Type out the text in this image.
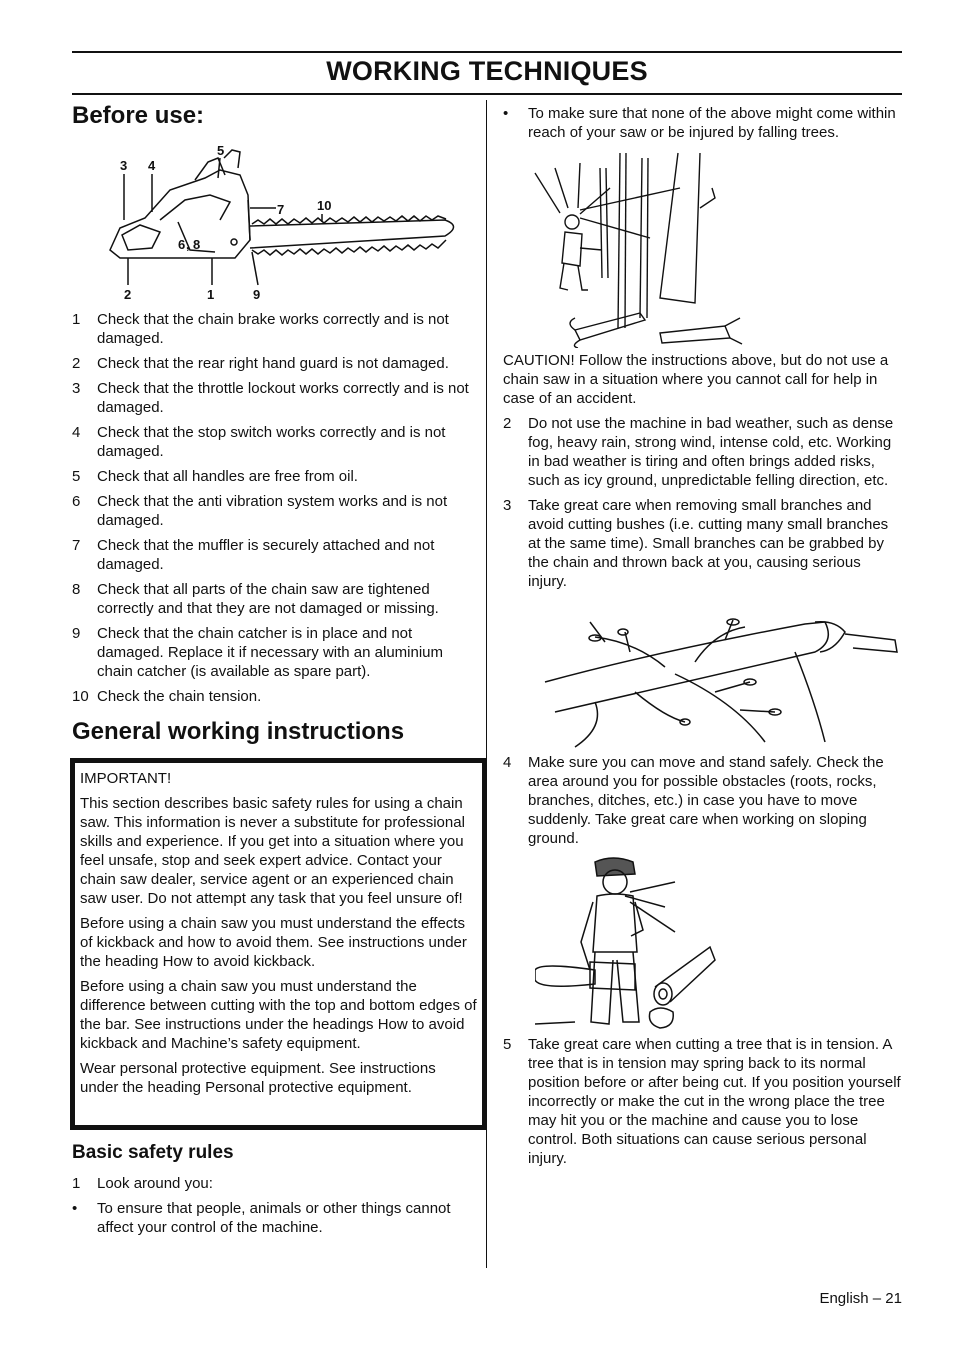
WORKING TECHNIQUES
Before use:
3 4
5
6 , 8
7	10
2	1	9
1 Check that the chain brake works correctly and is not damaged.
2 Check that the rear right hand guard is not damaged.
3 Check that the throttle lockout works correctly and is not damaged.
4 Check that the stop switch works correctly and is not damaged.
5 Check that all handles are free from oil.
6 Check that the anti vibration system works and is not damaged.
7 Check that the muffler is securely attached and not damaged.
8 Check that all parts of the chain saw are tightened correctly and that they are not damaged or missing.
9 Check that the chain catcher is in place and not damaged. Replace it if necessary with an aluminium chain catcher (is available as spare part).
10 Check the chain tension.
General working instructions

IMPORTANT!

This section describes basic safety rules for using a chain saw. This information is never a substitute for professional skills and experience. If you get into a situation where you feel unsafe, stop and seek expert advice. Contact your chain saw dealer, service agent or an experienced chain saw user. Do not attempt any task that you feel unsure of!

Before using a chain saw you must understand the effects of kickback and how to avoid them. See instructions under the heading How to avoid kickback.

Before using a chain saw you must understand the difference between cutting with the top and bottom edges of the bar. See instructions under the headings How to avoid kickback and Machine’s safety equipment.

Wear personal protective equipment. See instructions under the heading Personal protective equipment.

Basic safety rules
1 Look around you:
• To ensure that people, animals or other things cannot affect your control of the machine.
• To make sure that none of the above might come within reach of your saw or be injured by falling trees.

CAUTION! Follow the instructions above, but do not use a chain saw in a situation where you cannot call for help in case of an accident.

2 Do not use the machine in bad weather, such as dense fog, heavy rain, strong wind, intense cold, etc. Working in bad weather is tiring and often brings added risks, such as icy ground, unpredictable felling direction, etc.
3 Take great care when removing small branches and avoid cutting bushes (i.e. cutting many small branches at the same time). Small branches can be grabbed by the chain and thrown back at you, causing serious injury.
4 Make sure you can move and stand safely. Check the area around you for possible obstacles (roots, rocks, branches, ditches, etc.) in case you have to move suddenly. Take great care when working on sloping ground.
5 Take great care when cutting a tree that is in tension. A tree that is in tension may spring back to its normal position before or after being cut. If you position yourself incorrectly or make the cut in the wrong place the tree may hit you or the machine and cause you to lose control. Both situations can cause serious personal injury.
English – 21
